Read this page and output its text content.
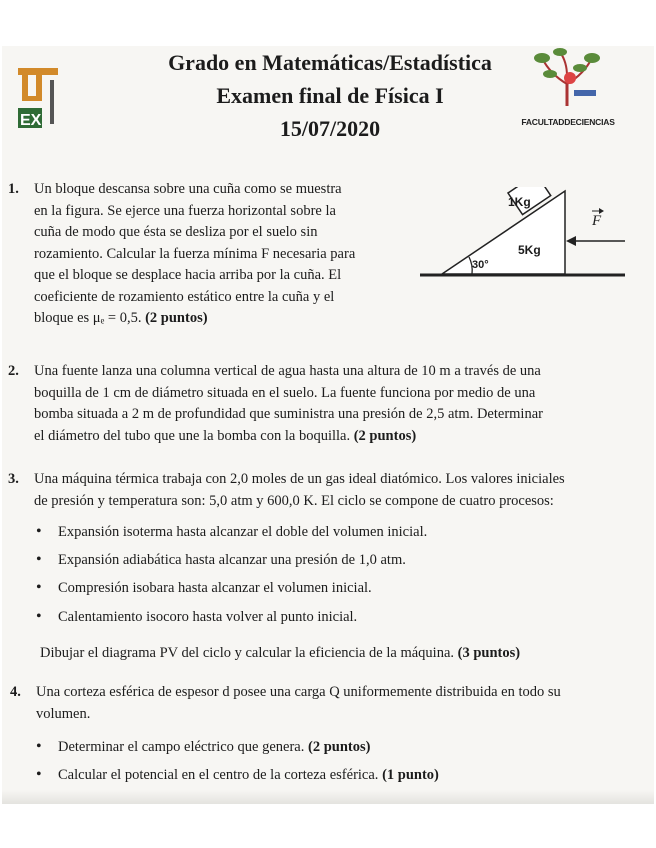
EX
Grado en Matemáticas/Estadística
Examen final de Física I
15/07/2020	FACULTADDECIENCIAS
1. Un bloque descansa sobre una cuña como se muestra
en la figura. Se ejerce una fuerza horizontal sobre la
cuña de modo que ésta se desliza por el suelo sin
rozamiento. Calcular la fuerza mínima F necesaria para
que el bloque se desplace hacia arriba por la cuña. El
coeficiente de rozamiento estático entre la cuña y el
bloque es μₑ = 0,5. (2 puntos)
1Kg
5Kg
30°
F
2. Una fuente lanza una columna vertical de agua hasta una altura de 10 m a través de una
boquilla de 1 cm de diámetro situada en el suelo. La fuente funciona por medio de una
bomba situada a 2 m de profundidad que suministra una presión de 2,5 atm. Determinar
el diámetro del tubo que une la bomba con la boquilla. (2 puntos)
3. Una máquina térmica trabaja con 2,0 moles de un gas ideal diatómico. Los valores iniciales
de presión y temperatura son: 5,0 atm y 600,0 K. El ciclo se compone de cuatro procesos:
• Expansión isoterma hasta alcanzar el doble del volumen inicial.
• Expansión adiabática hasta alcanzar una presión de 1,0 atm.
• Compresión isobara hasta alcanzar el volumen inicial.
• Calentamiento isocoro hasta volver al punto inicial.
Dibujar el diagrama PV del ciclo y calcular la eficiencia de la máquina. (3 puntos)
4. Una corteza esférica de espesor d posee una carga Q uniformemente distribuida en todo su
volumen.
• Determinar el campo eléctrico que genera. (2 puntos)
• Calcular el potencial en el centro de la corteza esférica. (1 punto)
